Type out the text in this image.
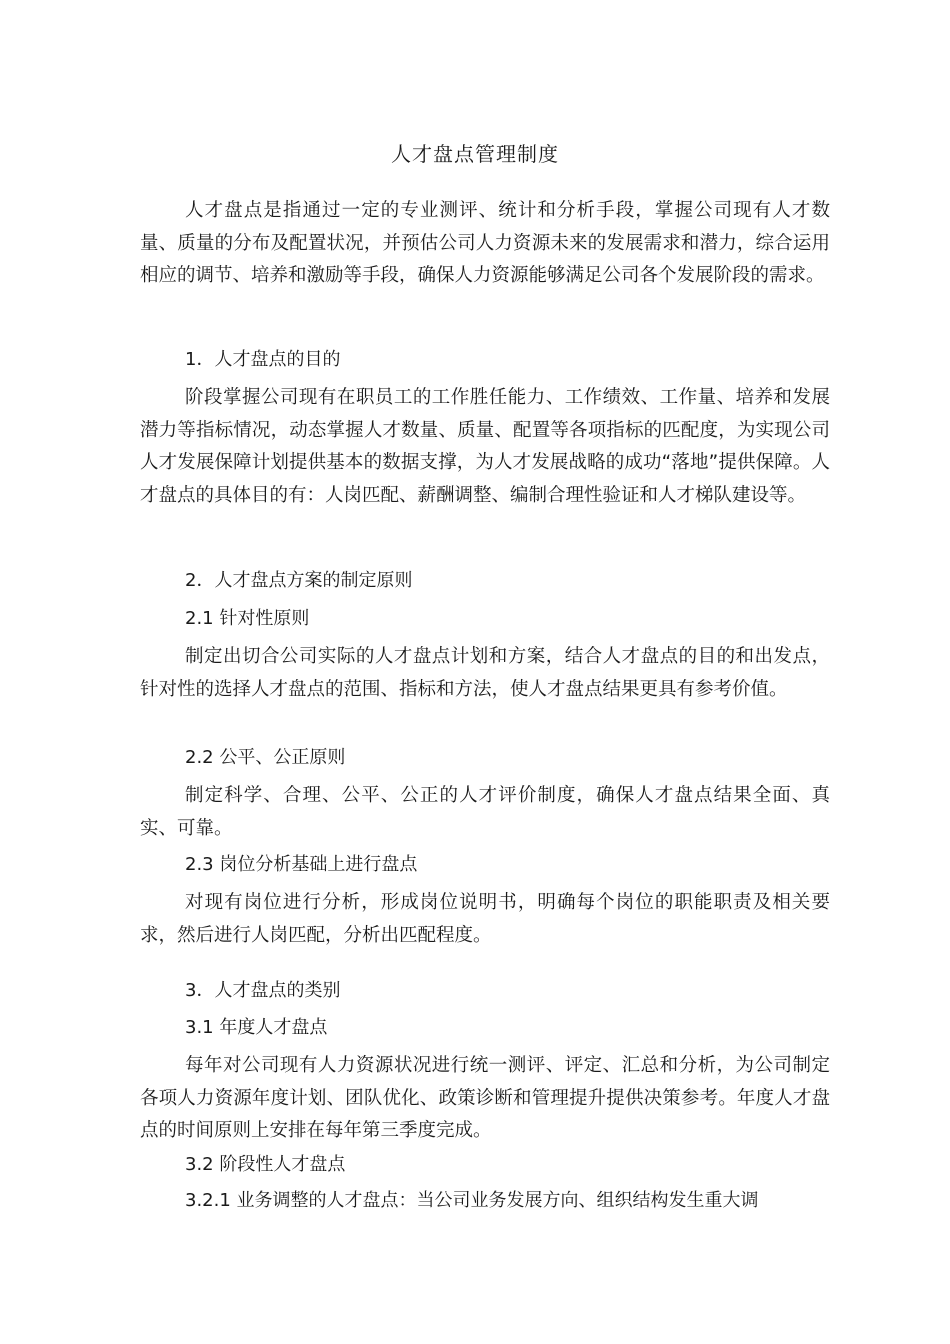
人才盘点管理制度

人才盘点是指通过一定的专业测评、统计和分析手段，掌握公司现有人才数量、质量的分布及配置状况，并预估公司人力资源未来的发展需求和潜力，综合运用相应的调节、培养和激励等手段，确保人力资源能够满足公司各个发展阶段的需求。

1．人才盘点的目的

阶段掌握公司现有在职员工的工作胜任能力、工作绩效、工作量、培养和发展潜力等指标情况，动态掌握人才数量、质量、配置等各项指标的匹配度，为实现公司人才发展保障计划提供基本的数据支撑，为人才发展战略的成功“落地”提供保障。人才盘点的具体目的有：人岗匹配、薪酬调整、编制合理性验证和人才梯队建设等。

2．人才盘点方案的制定原则
2.1 针对性原则

制定出切合公司实际的人才盘点计划和方案，结合人才盘点的目的和出发点，针对性的选择人才盘点的范围、指标和方法，使人才盘点结果更具有参考价值。

2.2 公平、公正原则

制定科学、合理、公平、公正的人才评价制度，确保人才盘点结果全面、真实、可靠。

2.3 岗位分析基础上进行盘点

对现有岗位进行分析，形成岗位说明书，明确每个岗位的职能职责及相关要求，然后进行人岗匹配，分析出匹配程度。

3．人才盘点的类别
3.1 年度人才盘点

每年对公司现有人力资源状况进行统一测评、评定、汇总和分析，为公司制定各项人力资源年度计划、团队优化、政策诊断和管理提升提供决策参考。年度人才盘点的时间原则上安排在每年第三季度完成。

3.2 阶段性人才盘点
3.2.1 业务调整的人才盘点：当公司业务发展方向、组织结构发生重大调
